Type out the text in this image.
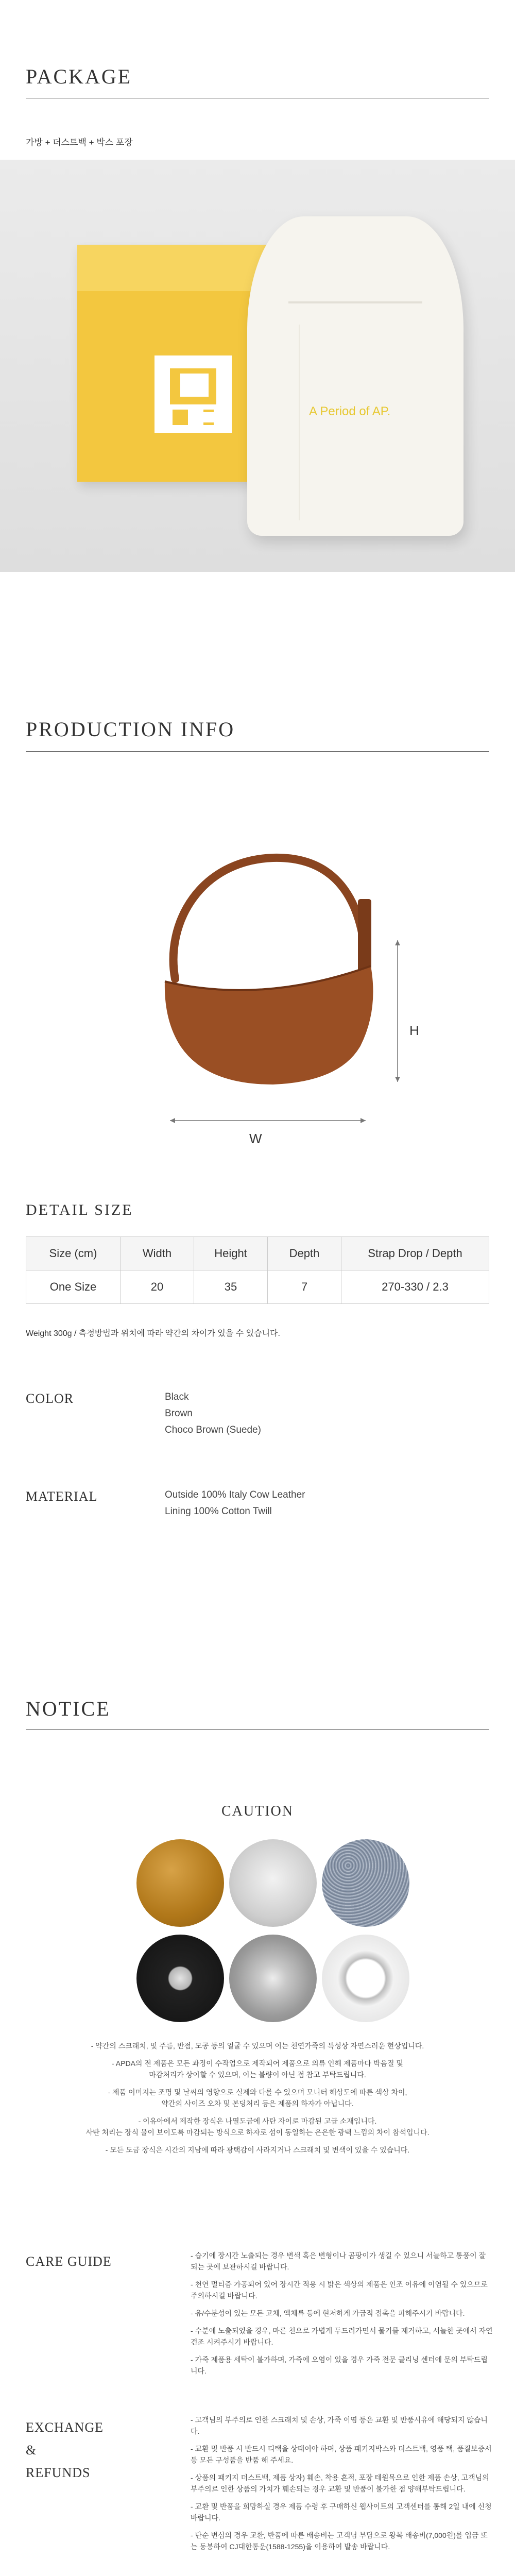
PACKAGE
가방 + 더스트백 + 박스 포장
A Period of AP.
PRODUCTION INFO
H
W
DETAIL SIZE
Size (cm)	Width	Height	Depth	Strap Drop / Depth
One Size	20	35	7	270-330 / 2.3
Weight 300g / 측정방법과 위치에 따라 약간의 차이가 있을 수 있습니다.
COLOR	Black
Brown
Choco Brown (Suede)
MATERIAL	Outside 100% Italy Cow Leather
Lining 100% Cotton Twill
NOTICE
CAUTION

- 약간의 스크래치, 및 주름, 반점, 모공 등의 얼굴 수 있으며 이는 천연가죽의 특성상 자연스러운 현상입니다.

- APDA의 전 제품은 모든 과정이 수작업으로 제작되어 제품으로 의류 인해 제품마다 박음질 및

마감처리가 상이할 수 있으며, 이는 불량이 아닌 점 참고 부탁드립니다.

- 제품 이미지는 조명 및 날씨의 영향으로 실제와 다를 수 있으며 모니터 해상도에 따른 색상 차이,

약간의 사이즈 오차 및 본딩처리 등은 제품의 하자가 아닙니다.

- 이유아에서 제작한 장식은 나열도금에 사탄 자이로 마감된 고급 소재입니다.

사탄 처리는 장식 물이 보이도록 마감되는 방식으로 하자로 섬이 동일하는 은은한 광택 느낌의 차이 참석입니다.

- 모든 도금 장식은 시간의 지남에 따라 광택감이 사라지거나 스크래치 및 변색이 있을 수 있습니다.

CARE GUIDE	- 습기에 장시간 노출되는 경우 변색 혹은 변형이나 곰팡이가 생길 수 있으니 서늘하고 통풍이 잘 되는 곳에 보관하시길 바랍니다.

- 천연 멀티즘 가공되어 있어 장시간 적용 시 밝은 색상의 제품은 인조 이유에 이염될 수 있으므로 주의하시길 바랍니다.

- 유/수분성이 있는 모든 고체, 액체류 등에 현저하게 가급적 접촉을 피해주시기 바랍니다.

- 수분에 노출되었을 경우, 마른 천으로 가볍게 두드려가면서 물기를 제거하고, 서늘한 곳에서 자연 건조 시켜주시기 바랍니다.

- 가죽 제품용 세탁이 불가하며, 가죽에 오염이 있을 경우 가죽 전문 클리닝 센터에 문의 부탁드립니다.

EXCHANGE
&
REFUNDS

- 고객님의 부주의로 인한 스크래치 및 손상, 가죽 이염 등은 교환 및 반품시유에 해당되지 않습니다.

- 교환 및 반품 시 반드시 티택을 상태여야 하며, 상품 패키지박스와 더스트백, 영품 택, 품질보증서 등 모든 구성품을 반품 해 주세요.

- 상품의 패키지 더스트백, 제품 상자) 훼손, 착용 흔적, 포장 테원목으로 인한 제품 손상, 고객님의 부주의로 인한 상품의 가치가 훼손되는 경우 교환 및 반품이 불가한 점 양해부탁드립니다.

- 교환 및 반품을 희망하실 경우 제품 수령 후 구매하신 웹사이트의 고객센터를 통해 2일 내에 신청 바랍니다.

- 단순 변심의 경우 교환, 반품에 따른 배송비는 고객님 부담으로 왕복 배송비(7,000원)를 입금 또는 동봉하여 CJ대한통운(1588-1255)을 이용하여 발송 바랍니다.
